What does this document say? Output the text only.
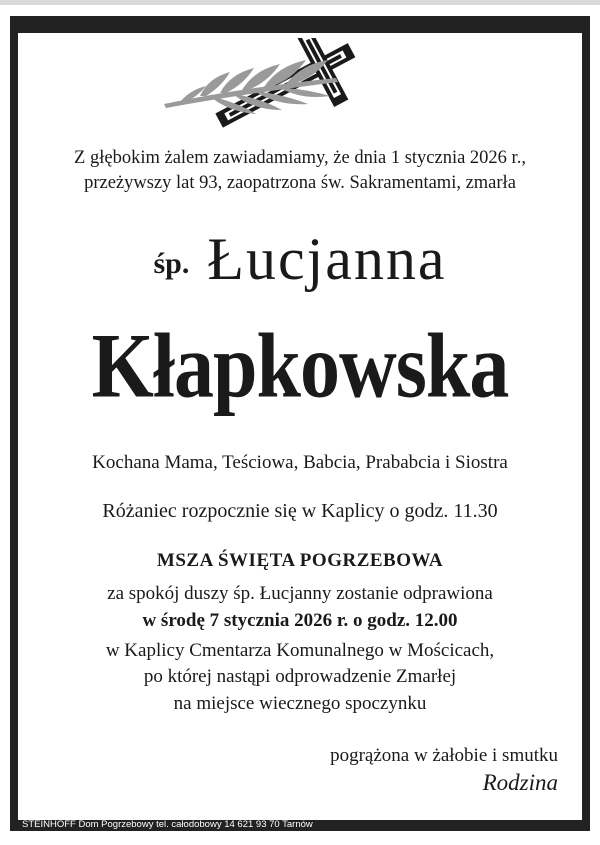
Z głębokim żalem zawiadamiamy, że dnia 1 stycznia 2026 r.,
przeżywszy lat 93, zaopatrzona św. Sakramentami, zmarła
śp. Łucjanna
Kłapkowska
Kochana Mama, Teściowa, Babcia, Prababcia i Siostra
Różaniec rozpocznie się w Kaplicy o godz. 11.30
MSZA ŚWIĘTA POGRZEBOWA
za spokój duszy śp. Łucjanny zostanie odprawiona
w środę 7 stycznia 2026 r. o godz. 12.00
w Kaplicy Cmentarza Komunalnego w Mościcach,
po której nastąpi odprowadzenie Zmarłej
na miejsce wiecznego spoczynku
pogrążona w żałobie i smutku
Rodzina
STEINHOFF Dom Pogrzebowy tel. całodobowy 14 621 93 70 Tarnów
